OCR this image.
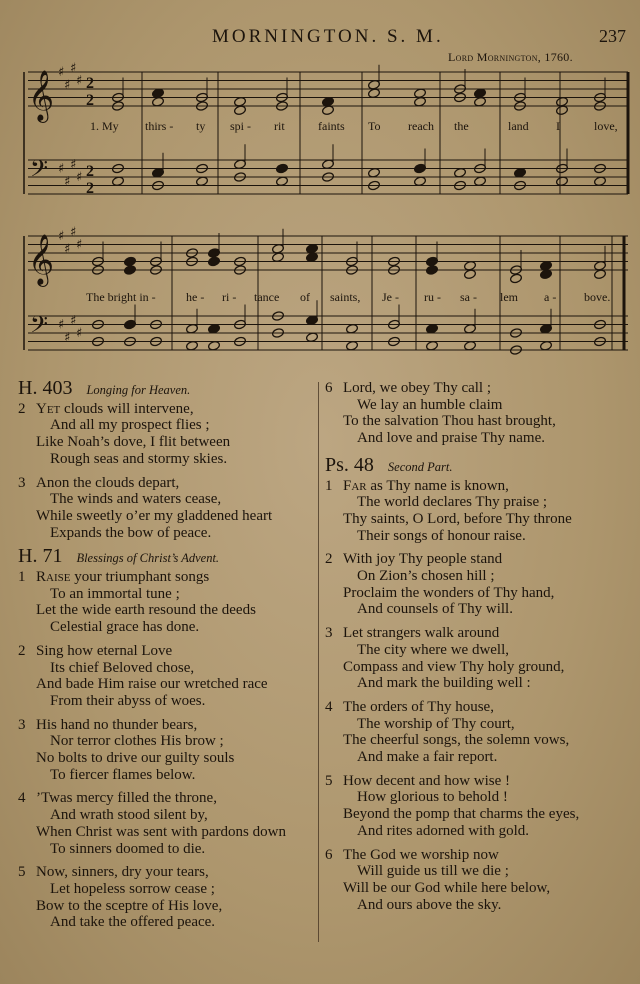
MORNINGTON. S. M.	237
Lord Mornington, 1760.
𝄞
𝄢
♯
♯
♯
♯
♯
♯
♯
♯
2
2
2
2
𝄞
𝄢
♯
♯
♯
♯
♯
♯
♯
♯
1. My thirs - ty spi - rit	faints To reach the	land I	love,
The bright in -	he - ri - tance of saints, Je - ru - sa - lem a - bove.
H. 403 Longing for Heaven.
2 Yet clouds will intervene,
And all my prospect flies ;
Like Noah’s dove, I flit between
Rough seas and stormy skies.
3 Anon the clouds depart,
The winds and waters cease,
While sweetly o’er my gladdened heart
Expands the bow of peace.
H. 71 Blessings of Christ’s Advent.
1 Raise your triumphant songs
To an immortal tune ;
Let the wide earth resound the deeds
Celestial grace has done.
2 Sing how eternal Love
Its chief Beloved chose,
And bade Him raise our wretched race
From their abyss of woes.
3 His hand no thunder bears,
Nor terror clothes His brow ;
No bolts to drive our guilty souls
To fiercer flames below.
4 ’Twas mercy filled the throne,
And wrath stood silent by,
When Christ was sent with pardons down
To sinners doomed to die.
5 Now, sinners, dry your tears,
Let hopeless sorrow cease ;
Bow to the sceptre of His love,
And take the offered peace.
6 Lord, we obey Thy call ;
We lay an humble claim
To the salvation Thou hast brought,
And love and praise Thy name.
Ps. 48 Second Part.
1 Far as Thy name is known,
The world declares Thy praise ;
Thy saints, O Lord, before Thy throne
Their songs of honour raise.
2 With joy Thy people stand
On Zion’s chosen hill ;
Proclaim the wonders of Thy hand,
And counsels of Thy will.
3 Let strangers walk around
The city where we dwell,
Compass and view Thy holy ground,
And mark the building well :
4 The orders of Thy house,
The worship of Thy court,
The cheerful songs, the solemn vows,
And make a fair report.
5 How decent and how wise !
How glorious to behold !
Beyond the pomp that charms the eyes,
And rites adorned with gold.
6 The God we worship now
Will guide us till we die ;
Will be our God while here below,
And ours above the sky.
